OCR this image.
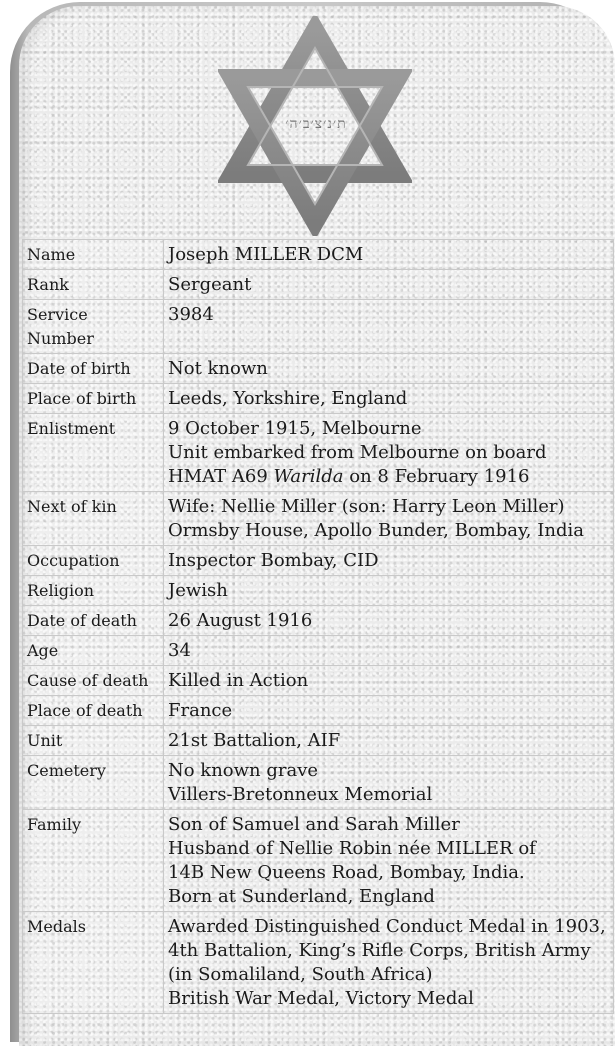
ת׳נ׳צ׳ב׳ה׳
Name	Joseph MILLER DCM

Rank	Sergeant

Service Number	3984

Date of birth	Not known

Place of birth	Leeds, Yorkshire, England

Enlistment	9 October 1915, Melbourne
Unit embarked from Melbourne on board
HMAT A69 Warilda on 8 February 1916

Next of kin	Wife: Nellie Miller (son: Harry Leon Miller)
Ormsby House, Apollo Bunder, Bombay, India

Occupation	Inspector Bombay, CID

Religion	Jewish

Date of death	26 August 1916

Age	34

Cause of death	Killed in Action

Place of death	France

Unit	21st Battalion, AIF

Cemetery	No known grave
Villers-Bretonneux Memorial

Family	Son of Samuel and Sarah Miller
Husband of Nellie Robin née MILLER of
14B New Queens Road, Bombay, India.
Born at Sunderland, England

Medals	Awarded Distinguished Conduct Medal in 1903,
4th Battalion, King’s Rifle Corps, British Army
(in Somaliland, South Africa)
British War Medal, Victory Medal
